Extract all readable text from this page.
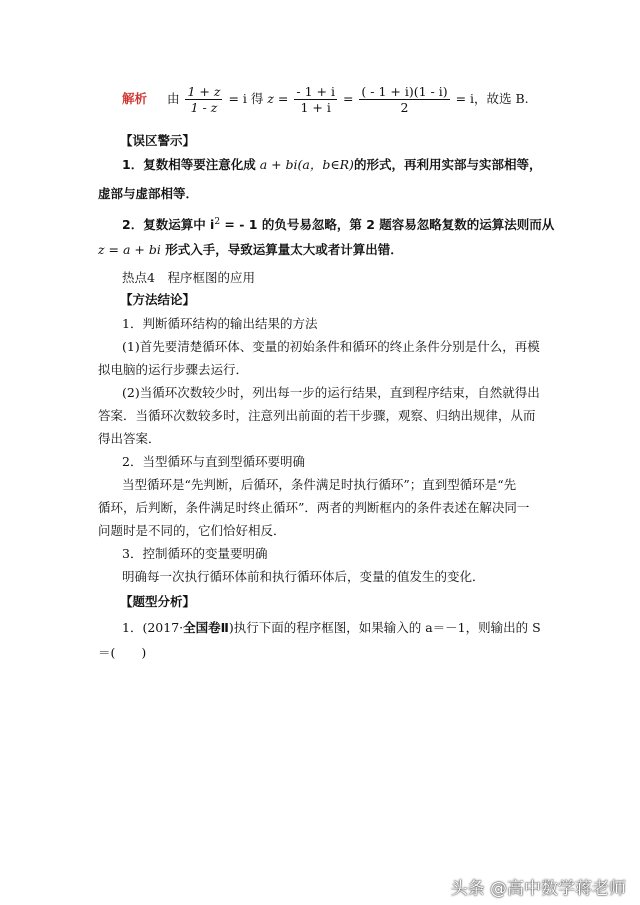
解析 由 $\frac{1 + z}{1 - z} = i$ 得 $z = \frac{- 1 + i}{1 + i} = \frac{( - 1 + i)(1 - i)}{2} = i$，故选 B.
【误区警示】
1．复数相等要注意化成 a + bi(a，b∈R)的形式，再利用实部与实部相等，
虚部与虚部相等．
2．复数运算中 $i^2$ = - 1 的负号易忽略，第 2 题容易忽略复数的运算法则而从
z = a + bi 形式入手，导致运算量太大或者计算出错．
热点4　程序框图的应用
【方法结论】
1．判断循环结构的输出结果的方法
(1)首先要清楚循环体、变量的初始条件和循环的终止条件分别是什么，再模
拟电脑的运行步骤去运行．
(2)当循环次数较少时，列出每一步的运行结果，直到程序结束，自然就得出
答案．当循环次数较多时，注意列出前面的若干步骤，观察、归纳出规律，从而
得出答案．
2．当型循环与直到型循环要明确
当型循环是“先判断，后循环，条件满足时执行循环”；直到型循环是“先
循环，后判断，条件满足时终止循环”．两者的判断框内的条件表述在解决同一
问题时是不同的，它们恰好相反．
3．控制循环的变量要明确
明确每一次执行循环体前和执行循环体后，变量的值发生的变化．
【题型分析】
1．(2017·全国卷Ⅱ)执行下面的程序框图，如果输入的 a＝－1，则输出的 S
＝( )
头条 @高中数学蒋老师
